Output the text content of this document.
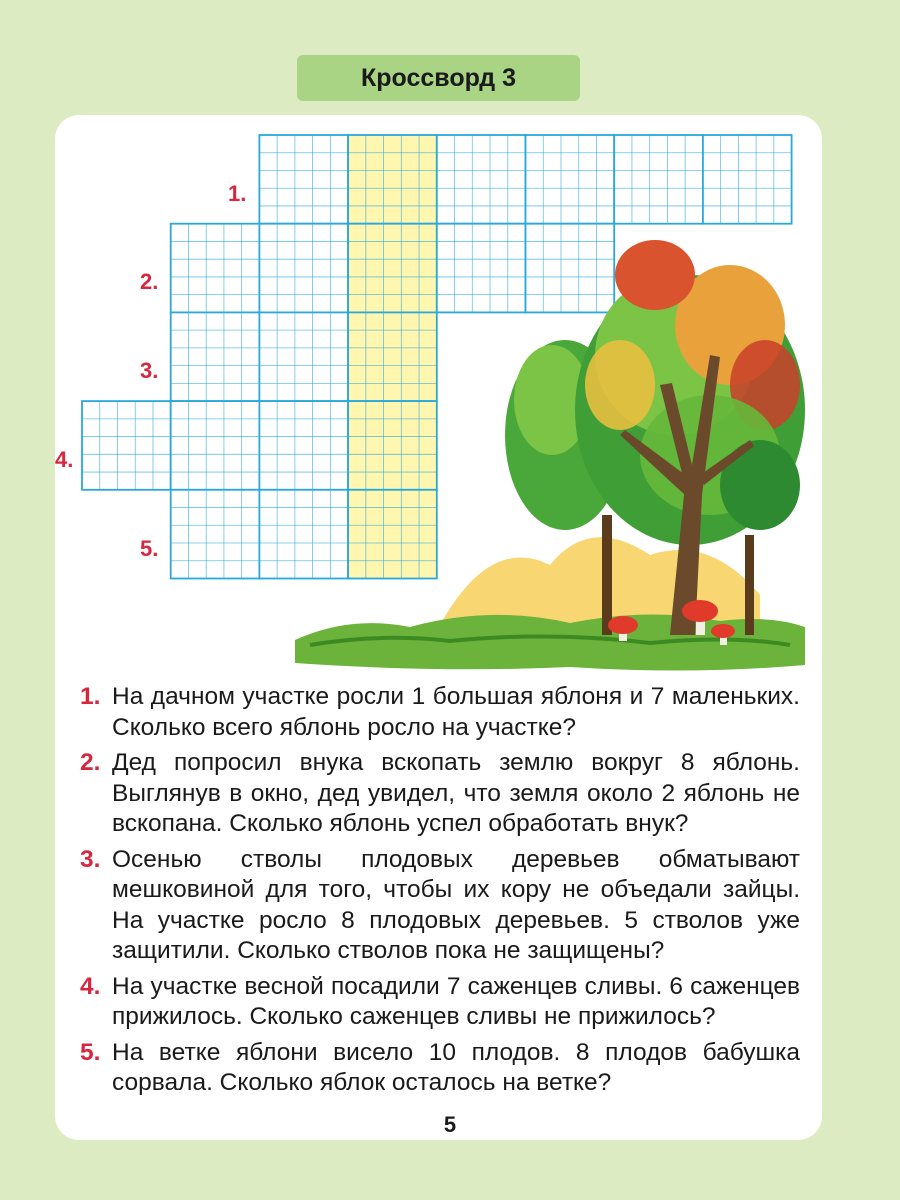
Кроссворд 3
1.
2.
3.
4.
5.
1. На дачном участке росли 1 большая яблоня и 7 маленьких. Сколько всего яблонь росло на участке?
2. Дед попросил внука вскопать землю вокруг 8 яблонь. Выглянув в окно, дед увидел, что земля около 2 яблонь не вскопана. Сколько яблонь успел обработать внук?
3. Осенью стволы плодовых деревьев обматывают мешковиной для того, чтобы их кору не объедали зайцы. На участке росло 8 плодовых деревьев. 5 стволов уже защитили. Сколько стволов пока не защищены?
4. На участке весной посадили 7 саженцев сливы. 6 саженцев прижилось. Сколько саженцев сливы не прижилось?
5. На ветке яблони висело 10 плодов. 8 плодов бабушка сорвала. Сколько яблок осталось на ветке?
5
